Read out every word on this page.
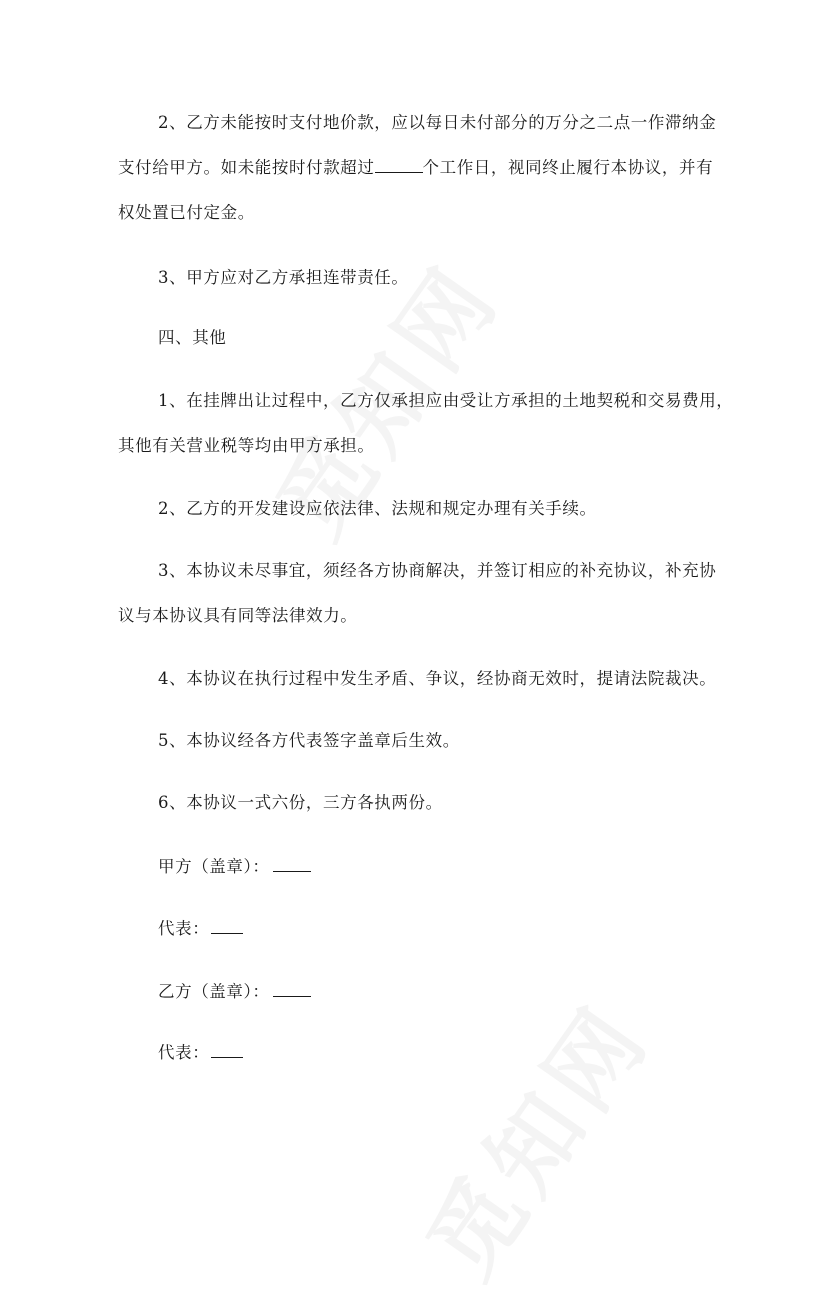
2、乙方未能按时支付地价款，应以每日未付部分的万分之二点一作滞纳金
支付给甲方。如未能按时付款超过	个工作日，视同终止履行本协议，并有
权处置已付定金。
3、甲方应对乙方承担连带责任。
四、其他
1、在挂牌出让过程中，乙方仅承担应由受让方承担的土地契税和交易费用，
其他有关营业税等均由甲方承担。
2、乙方的开发建设应依法律、法规和规定办理有关手续。
3、本协议未尽事宜，须经各方协商解决，并签订相应的补充协议，补充协
议与本协议具有同等法律效力。
4、本协议在执行过程中发生矛盾、争议，经协商无效时，提请法院裁决。
5、本协议经各方代表签字盖章后生效。
6、本协议一式六份，三方各执两份。
甲方（盖章）：
代表：
乙方（盖章）：
代表：
